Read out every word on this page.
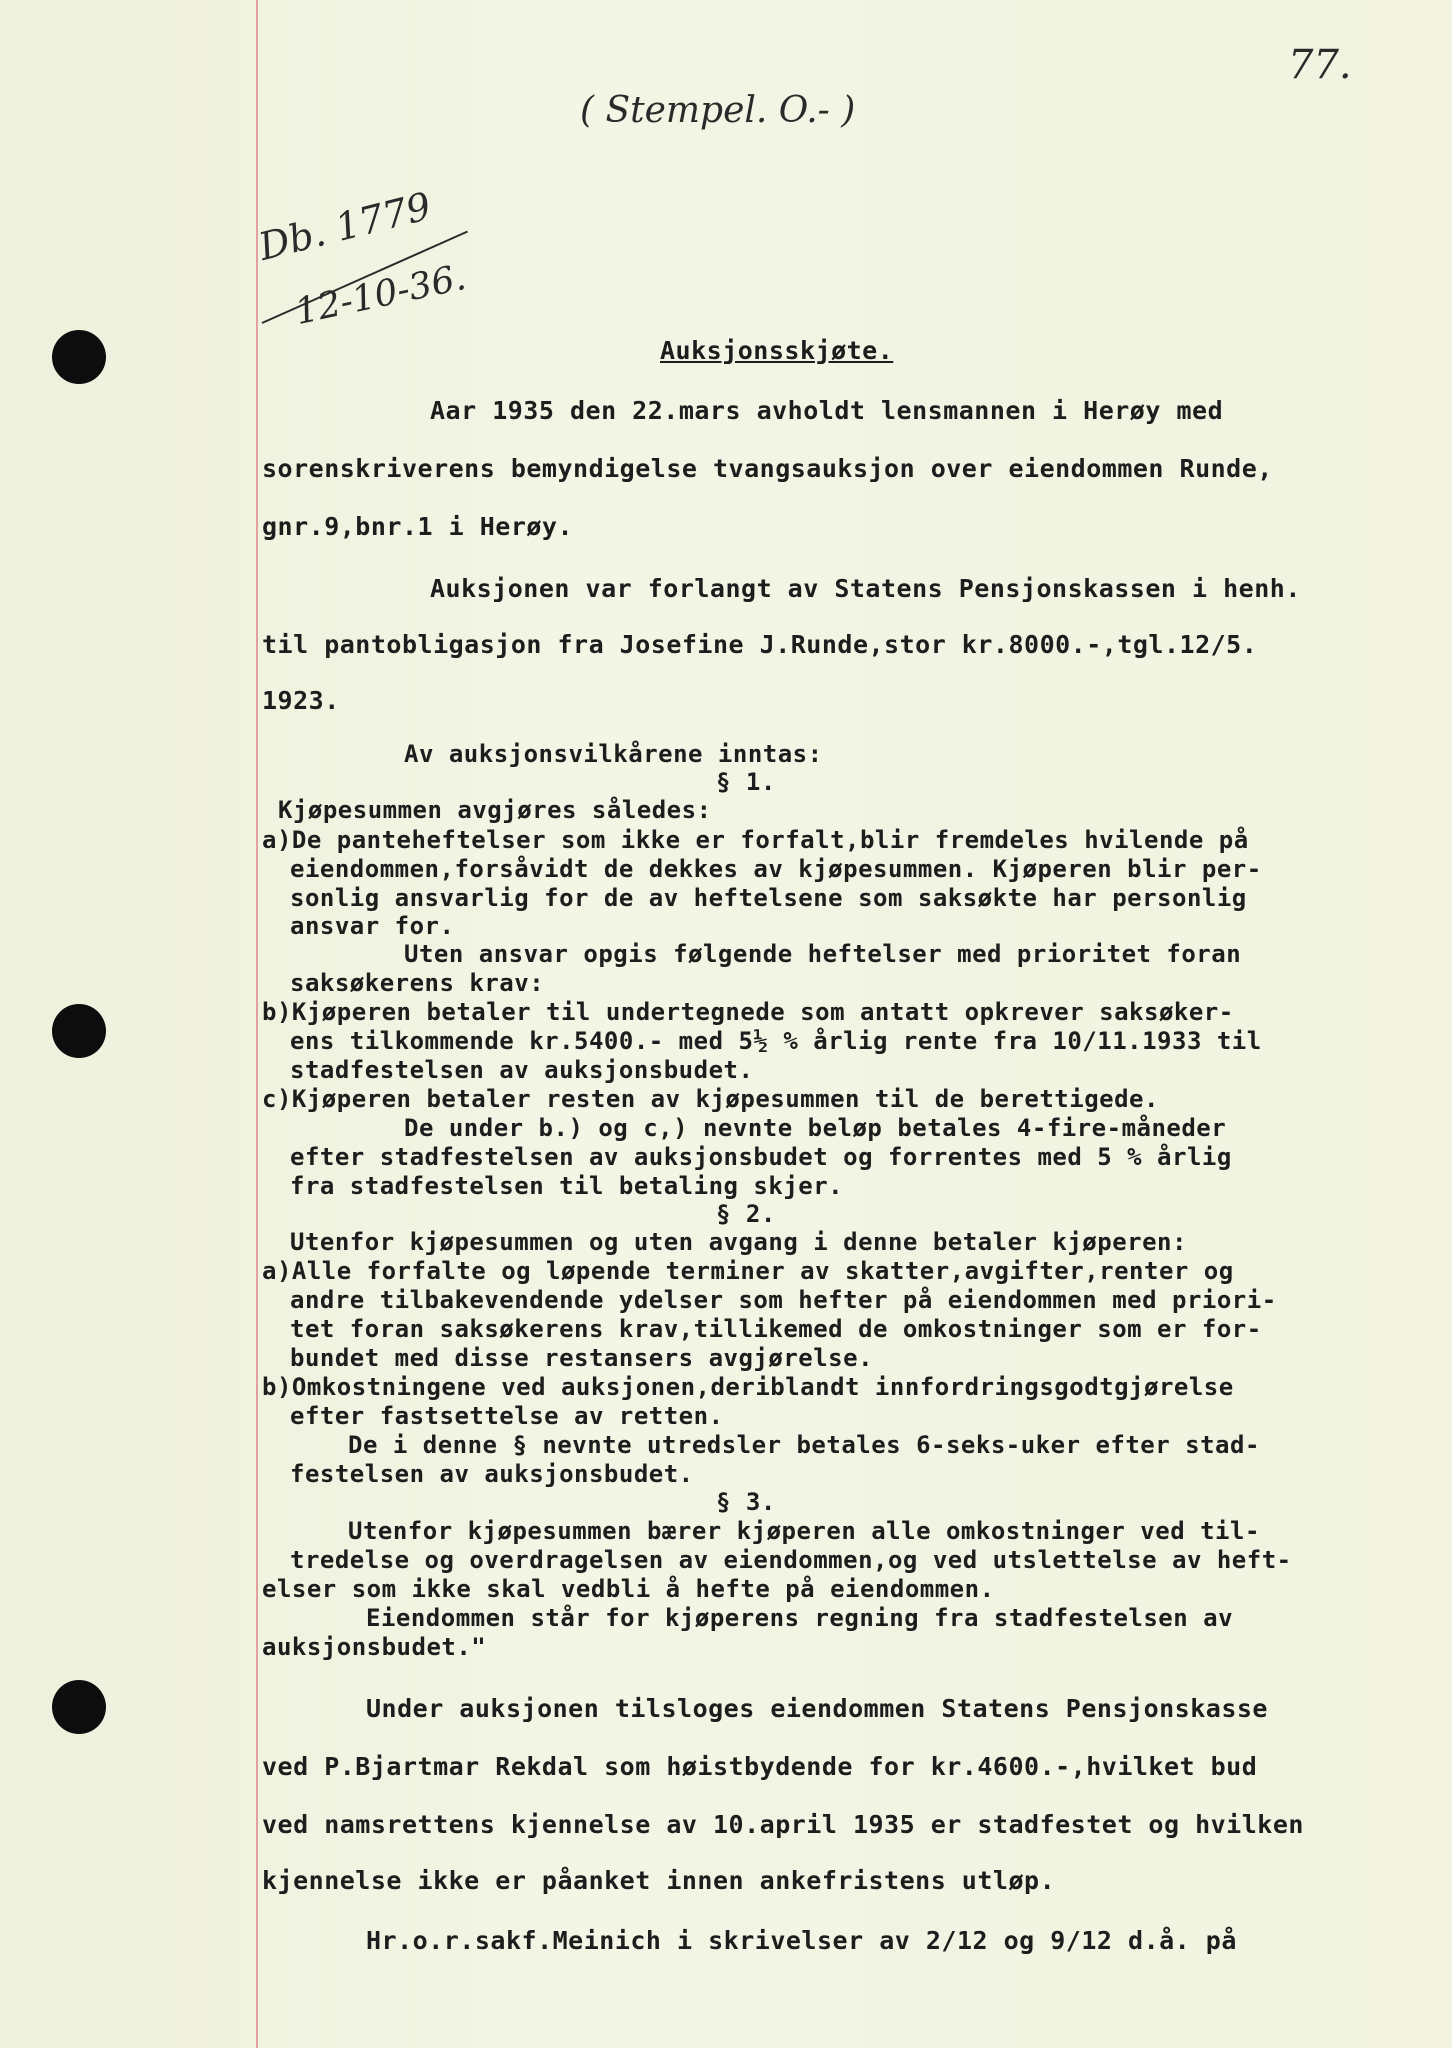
77.
( Stempel. O.- )
Db. 1779
12-10-36.
Auksjonsskjøte.
Aar 1935 den 22.mars avholdt lensmannen i Herøy med
sorenskriverens bemyndigelse tvangsauksjon over eiendommen Runde,
gnr.9,bnr.1 i Herøy.
Auksjonen var forlangt av Statens Pensjonskassen i henh.
til pantobligasjon fra Josefine J.Runde,stor kr.8000.-,tgl.12/5.
1923.
Av auksjonsvilkårene inntas:
§ 1.
Kjøpesummen avgjøres således:
a)De panteheftelser som ikke er forfalt,blir fremdeles hvilende på
eiendommen,forsåvidt de dekkes av kjøpesummen. Kjøperen blir per-
sonlig ansvarlig for de av heftelsene som saksøkte har personlig
ansvar for.
Uten ansvar opgis følgende heftelser med prioritet foran
saksøkerens krav:
b)Kjøperen betaler til undertegnede som antatt opkrever saksøker-
ens tilkommende kr.5400.- med 5½ % årlig rente fra 10/11.1933 til
stadfestelsen av auksjonsbudet.
c)Kjøperen betaler resten av kjøpesummen til de berettigede.
De under b.) og c,) nevnte beløp betales 4-fire-måneder
efter stadfestelsen av auksjonsbudet og forrentes med 5 % årlig
fra stadfestelsen til betaling skjer.
§ 2.
Utenfor kjøpesummen og uten avgang i denne betaler kjøperen:
a)Alle forfalte og løpende terminer av skatter,avgifter,renter og
andre tilbakevendende ydelser som hefter på eiendommen med priori-
tet foran saksøkerens krav,tillikemed de omkostninger som er for-
bundet med disse restansers avgjørelse.
b)Omkostningene ved auksjonen,deriblandt innfordringsgodtgjørelse
efter fastsettelse av retten.
De i denne § nevnte utredsler betales 6-seks-uker efter stad-
festelsen av auksjonsbudet.
§ 3.
Utenfor kjøpesummen bærer kjøperen alle omkostninger ved til-
tredelse og overdragelsen av eiendommen,og ved utslettelse av heft-
elser som ikke skal vedbli å hefte på eiendommen.
Eiendommen står for kjøperens regning fra stadfestelsen av
auksjonsbudet."
Under auksjonen tilsloges eiendommen Statens Pensjonskasse
ved P.Bjartmar Rekdal som høistbydende for kr.4600.-,hvilket bud
ved namsrettens kjennelse av 10.april 1935 er stadfestet og hvilken
kjennelse ikke er påanket innen ankefristens utløp.
Hr.o.r.sakf.Meinich i skrivelser av 2/12 og 9/12 d.å. på
